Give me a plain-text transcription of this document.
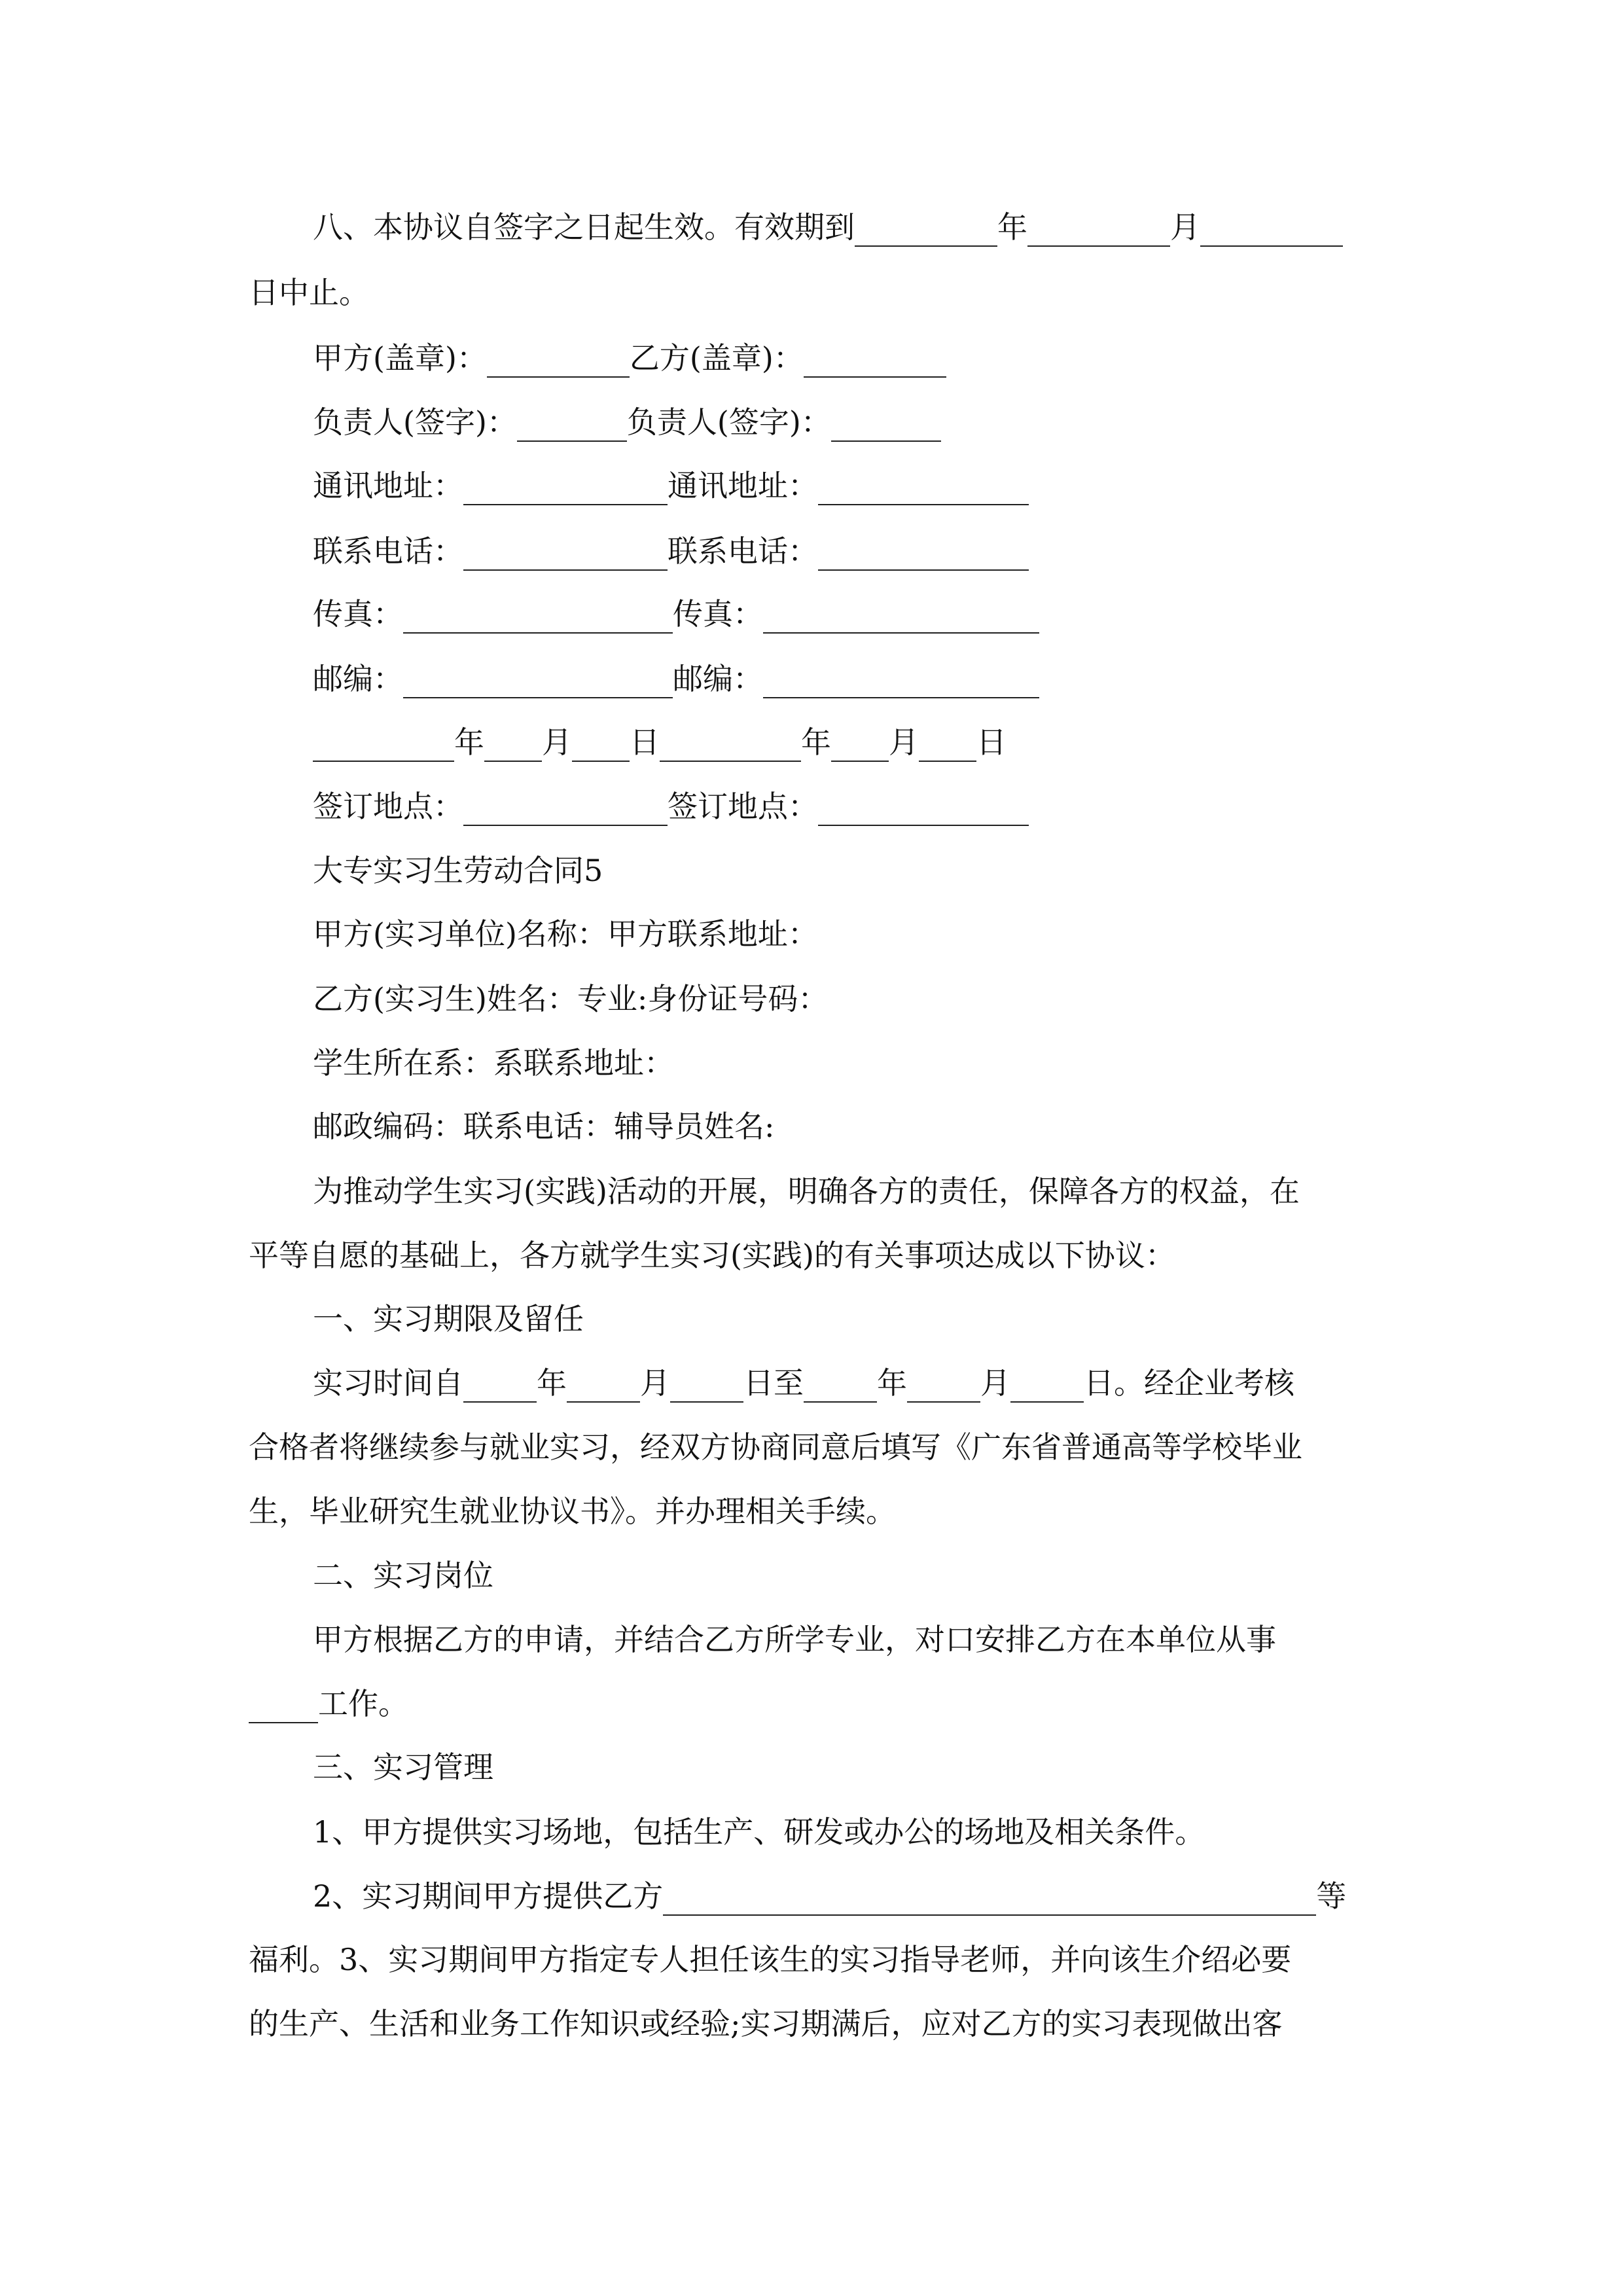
八、本协议自签字之日起生效。有效期到	年	月
日中止。
甲方(盖章)：	乙方(盖章)：
负责人(签字)：	负责人(签字)：
通讯地址：	通讯地址：
联系电话：	联系电话：
传真：	传真：
邮编：	邮编：
年 月 日	年 月 日
签订地点：	签订地点：
大专实习生劳动合同5
甲方(实习单位)名称：甲方联系地址：
乙方(实习生)姓名：专业:身份证号码：
学生所在系：系联系地址：
邮政编码：联系电话：辅导员姓名:
为推动学生实习(实践)活动的开展，明确各方的责任，保障各方的权益，在
平等自愿的基础上，各方就学生实习(实践)的有关事项达成以下协议：
一、实习期限及留任
实习时间自 年 月 日至 年 月 日。经企业考核
合格者将继续参与就业实习，经双方协商同意后填写《广东省普通高等学校毕业
生，毕业研究生就业协议书》。并办理相关手续。
二、实习岗位
甲方根据乙方的申请，并结合乙方所学专业，对口安排乙方在本单位从事
工作。
三、实习管理
1、甲方提供实习场地，包括生产、研发或办公的场地及相关条件。
2、实习期间甲方提供乙方	等
福利。3、实习期间甲方指定专人担任该生的实习指导老师，并向该生介绍必要
的生产、生活和业务工作知识或经验;实习期满后，应对乙方的实习表现做出客
